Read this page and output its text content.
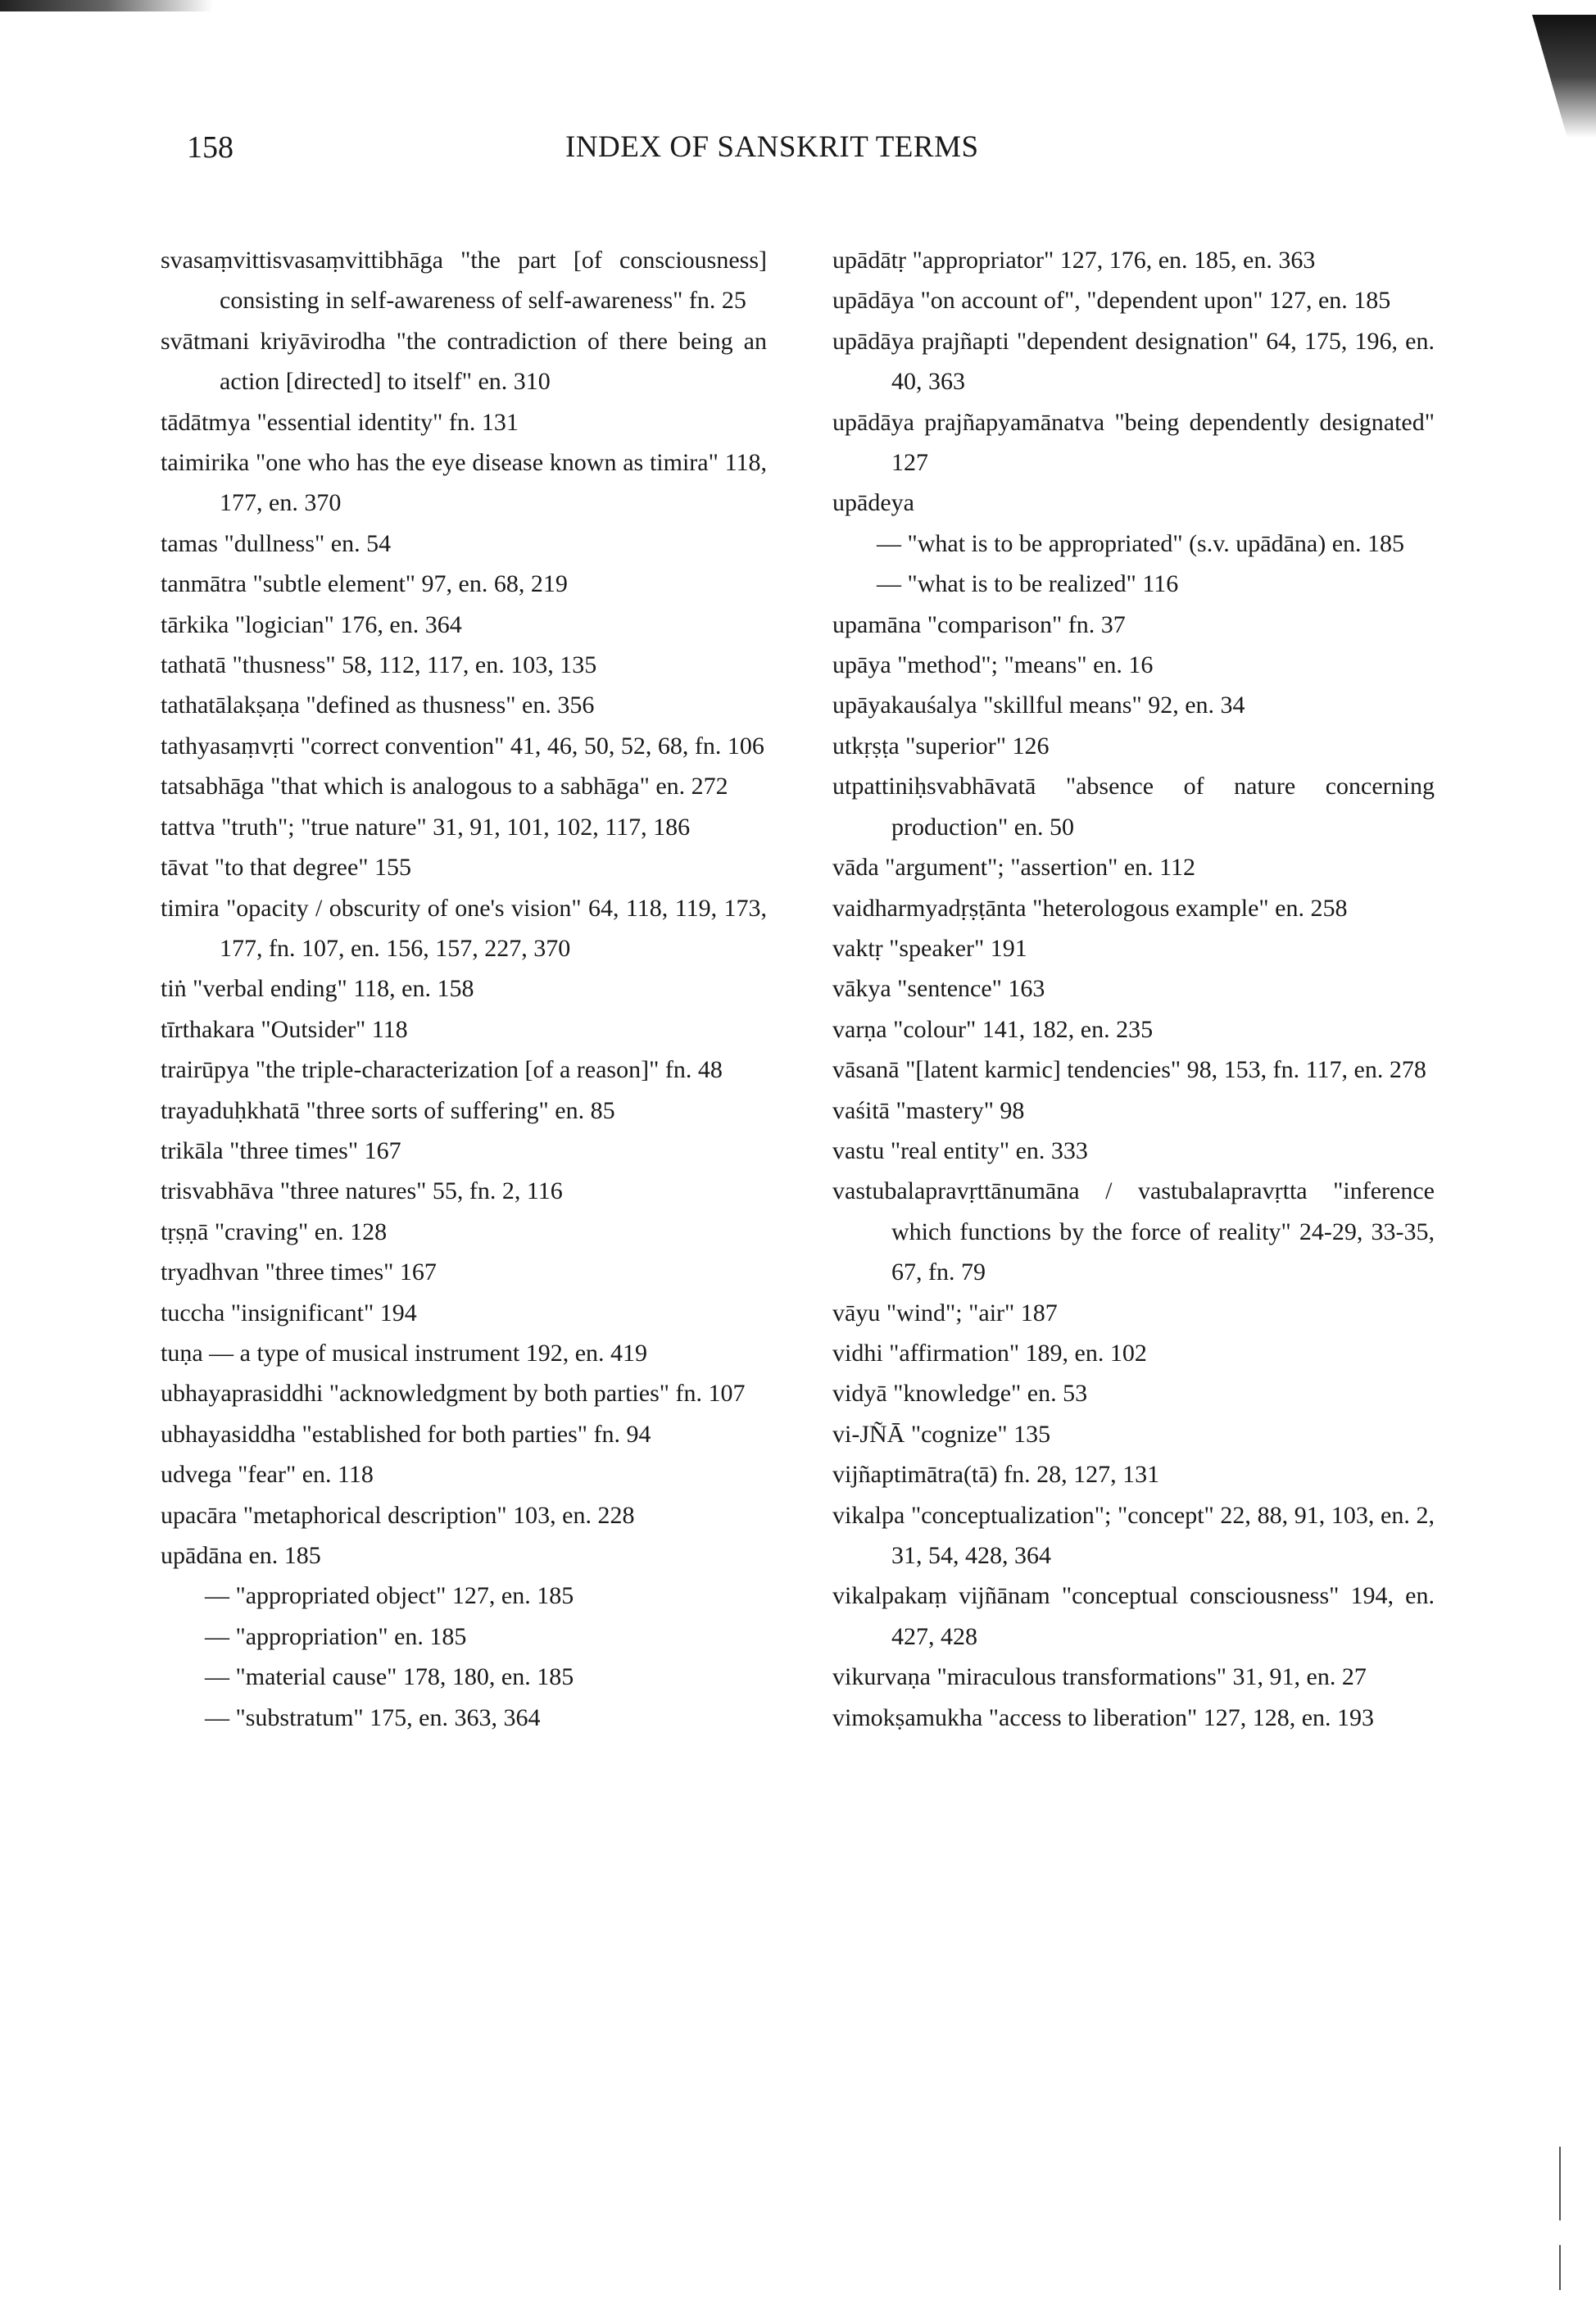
158	INDEX OF SANSKRIT TERMS

svasaṃvittisvasaṃvittibhāga "the part [of consciousness] consisting in self-awareness of self-awareness" fn. 25

svātmani kriyāvirodha "the contradiction of there being an action [directed] to itself" en. 310

tādātmya "essential identity" fn. 131

taimirika "one who has the eye disease known as timira" 118, 177, en. 370

tamas "dullness" en. 54

tanmātra "subtle element" 97, en. 68, 219

tārkika "logician" 176, en. 364

tathatā "thusness" 58, 112, 117, en. 103, 135

tathatālakṣaṇa "defined as thusness" en. 356

tathyasaṃvṛti "correct convention" 41, 46, 50, 52, 68, fn. 106

tatsabhāga "that which is analogous to a sabhāga" en. 272

tattva "truth"; "true nature" 31, 91, 101, 102, 117, 186

tāvat "to that degree" 155

timira "opacity / obscurity of one's vision" 64, 118, 119, 173, 177, fn. 107, en. 156, 157, 227, 370

tiṅ "verbal ending" 118, en. 158

tīrthakara "Outsider" 118

trairūpya "the triple-characterization [of a reason]" fn. 48

trayaduḥkhatā "three sorts of suffering" en. 85

trikāla "three times" 167

trisvabhāva "three natures" 55, fn. 2, 116

tṛṣṇā "craving" en. 128

tryadhvan "three times" 167

tuccha "insignificant" 194

tuṇa — a type of musical instrument 192, en. 419

ubhayaprasiddhi "acknowledgment by both parties" fn. 107

ubhayasiddha "established for both parties" fn. 94

udvega "fear" en. 118

upacāra "metaphorical description" 103, en. 228

upādāna en. 185

— "appropriated object" 127, en. 185

— "appropriation" en. 185

— "material cause" 178, 180, en. 185

— "substratum" 175, en. 363, 364

upādātṛ "appropriator" 127, 176, en. 185, en. 363

upādāya "on account of", "dependent upon" 127, en. 185

upādāya prajñapti "dependent designation" 64, 175, 196, en. 40, 363

upādāya prajñapyamānatva "being dependently designated" 127

upādeya

— "what is to be appropriated" (s.v. upādāna) en. 185

— "what is to be realized" 116

upamāna "comparison" fn. 37

upāya "method"; "means" en. 16

upāyakauśalya "skillful means" 92, en. 34

utkṛṣṭa "superior" 126

utpattiniḥsvabhāvatā "absence of nature concerning production" en. 50

vāda "argument"; "assertion" en. 112

vaidharmyadṛṣṭānta "heterologous example" en. 258

vaktṛ "speaker" 191

vākya "sentence" 163

varṇa "colour" 141, 182, en. 235

vāsanā "[latent karmic] tendencies" 98, 153, fn. 117, en. 278

vaśitā "mastery" 98

vastu "real entity" en. 333

vastubalapravṛttānumāna / vastubalapravṛtta "inference which functions by the force of reality" 24-29, 33-35, 67, fn. 79

vāyu "wind"; "air" 187

vidhi "affirmation" 189, en. 102

vidyā "knowledge" en. 53

vi-JÑĀ "cognize" 135

vijñaptimātra(tā) fn. 28, 127, 131

vikalpa "conceptualization"; "concept" 22, 88, 91, 103, en. 2, 31, 54, 428, 364

vikalpakaṃ vijñānam "conceptual consciousness" 194, en. 427, 428

vikurvaṇa "miraculous transformations" 31, 91, en. 27

vimokṣamukha "access to liberation" 127, 128, en. 193
